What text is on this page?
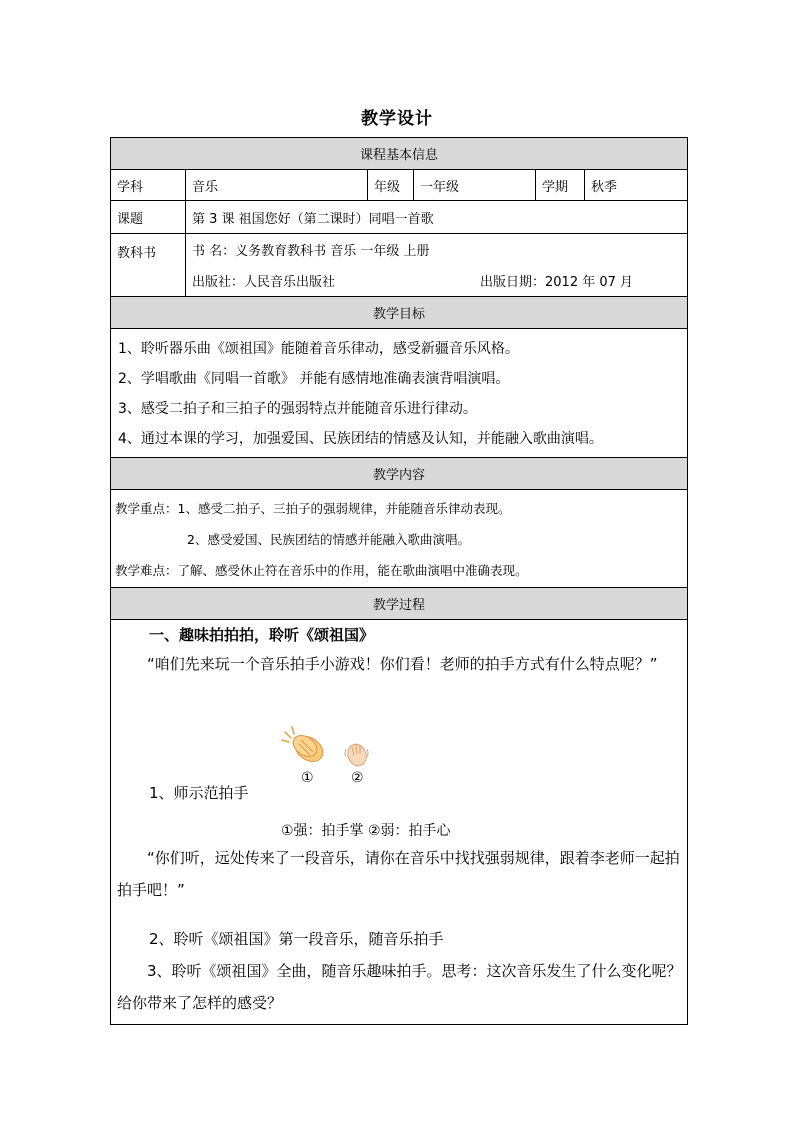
教学设计
课程基本信息
学科	音乐	年级	一年级	学期	秋季
课题	第 3 课 祖国您好（第二课时）同唱一首歌
教科书	书 名：义务教育教科书 音乐 一年级 上册
出版社：人民音乐出版社	出版日期：2012 年 07 月
教学目标
1、聆听器乐曲《颂祖国》能随着音乐律动，感受新疆音乐风格。
2、学唱歌曲《同唱一首歌》 并能有感情地准确表演背唱演唱。
3、感受二拍子和三拍子的强弱特点并能随音乐进行律动。
4、通过本课的学习，加强爱国、民族团结的情感及认知，并能融入歌曲演唱。
教学内容
教学重点：1、感受二拍子、三拍子的强弱规律，并能随音乐律动表现。
2、感受爱国、民族团结的情感并能融入歌曲演唱。
教学难点：了解、感受休止符在音乐中的作用，能在歌曲演唱中准确表现。
教学过程
一、趣味拍拍拍，聆听《颂祖国》
“咱们先来玩一个音乐拍手小游戏！你们看！老师的拍手方式有什么特点呢？”
①	②
1、师示范拍手
①强：拍手掌 ②弱：拍手心
“你们听，远处传来了一段音乐，请你在音乐中找找强弱规律，跟着李老师一起拍拍手吧！”
2、聆听《颂祖国》第一段音乐，随音乐拍手
3、聆听《颂祖国》全曲，随音乐趣味拍手。思考：这次音乐发生了什么变化呢？给你带来了怎样的感受？
